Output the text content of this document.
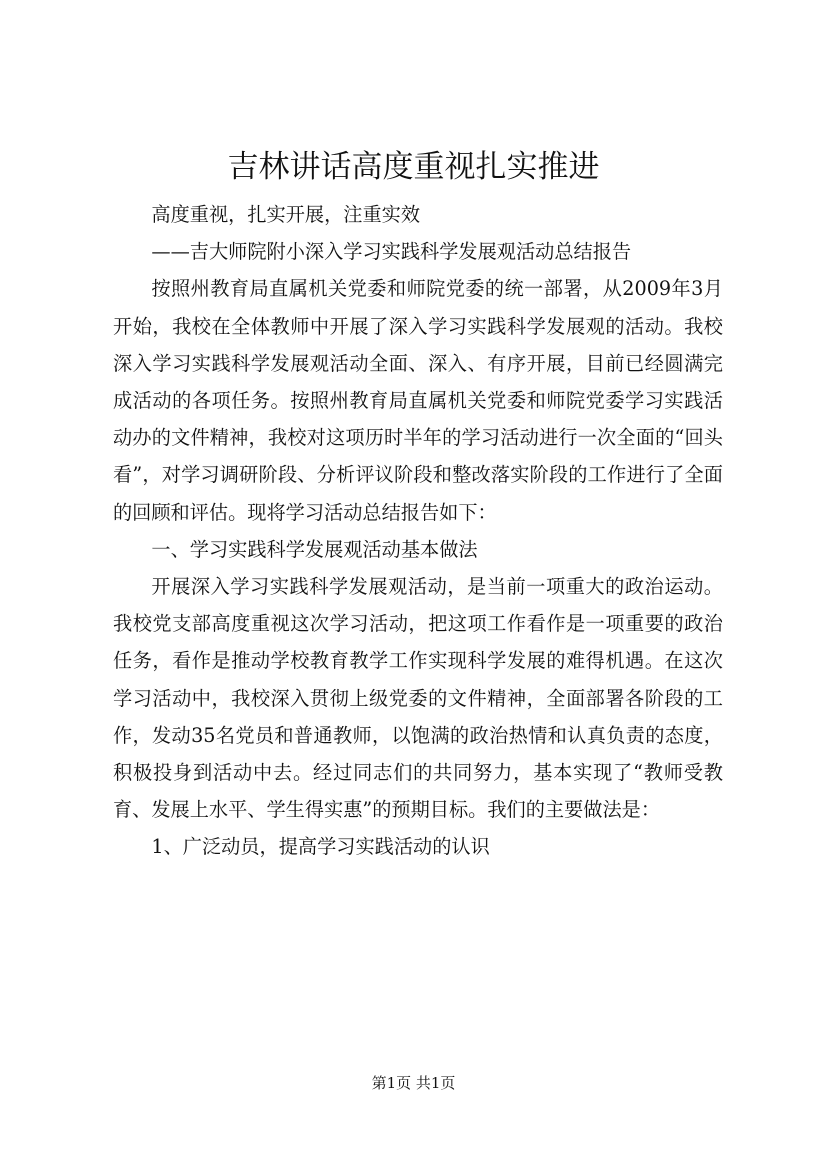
吉林讲话高度重视扎实推进

高度重视，扎实开展，注重实效

——吉大师院附小深入学习实践科学发展观活动总结报告

按照州教育局直属机关党委和师院党委的统一部署，从2009年3月开始，我校在全体教师中开展了深入学习实践科学发展观的活动。我校深入学习实践科学发展观活动全面、深入、有序开展，目前已经圆满完成活动的各项任务。按照州教育局直属机关党委和师院党委学习实践活动办的文件精神，我校对这项历时半年的学习活动进行一次全面的“回头看”，对学习调研阶段、分析评议阶段和整改落实阶段的工作进行了全面的回顾和评估。现将学习活动总结报告如下：

一、学习实践科学发展观活动基本做法

开展深入学习实践科学发展观活动，是当前一项重大的政治运动。我校党支部高度重视这次学习活动，把这项工作看作是一项重要的政治任务，看作是推动学校教育教学工作实现科学发展的难得机遇。在这次学习活动中，我校深入贯彻上级党委的文件精神，全面部署各阶段的工作，发动35名党员和普通教师，以饱满的政治热情和认真负责的态度，积极投身到活动中去。经过同志们的共同努力，基本实现了“教师受教育、发展上水平、学生得实惠”的预期目标。我们的主要做法是：

1、广泛动员，提高学习实践活动的认识

第1页 共1页
